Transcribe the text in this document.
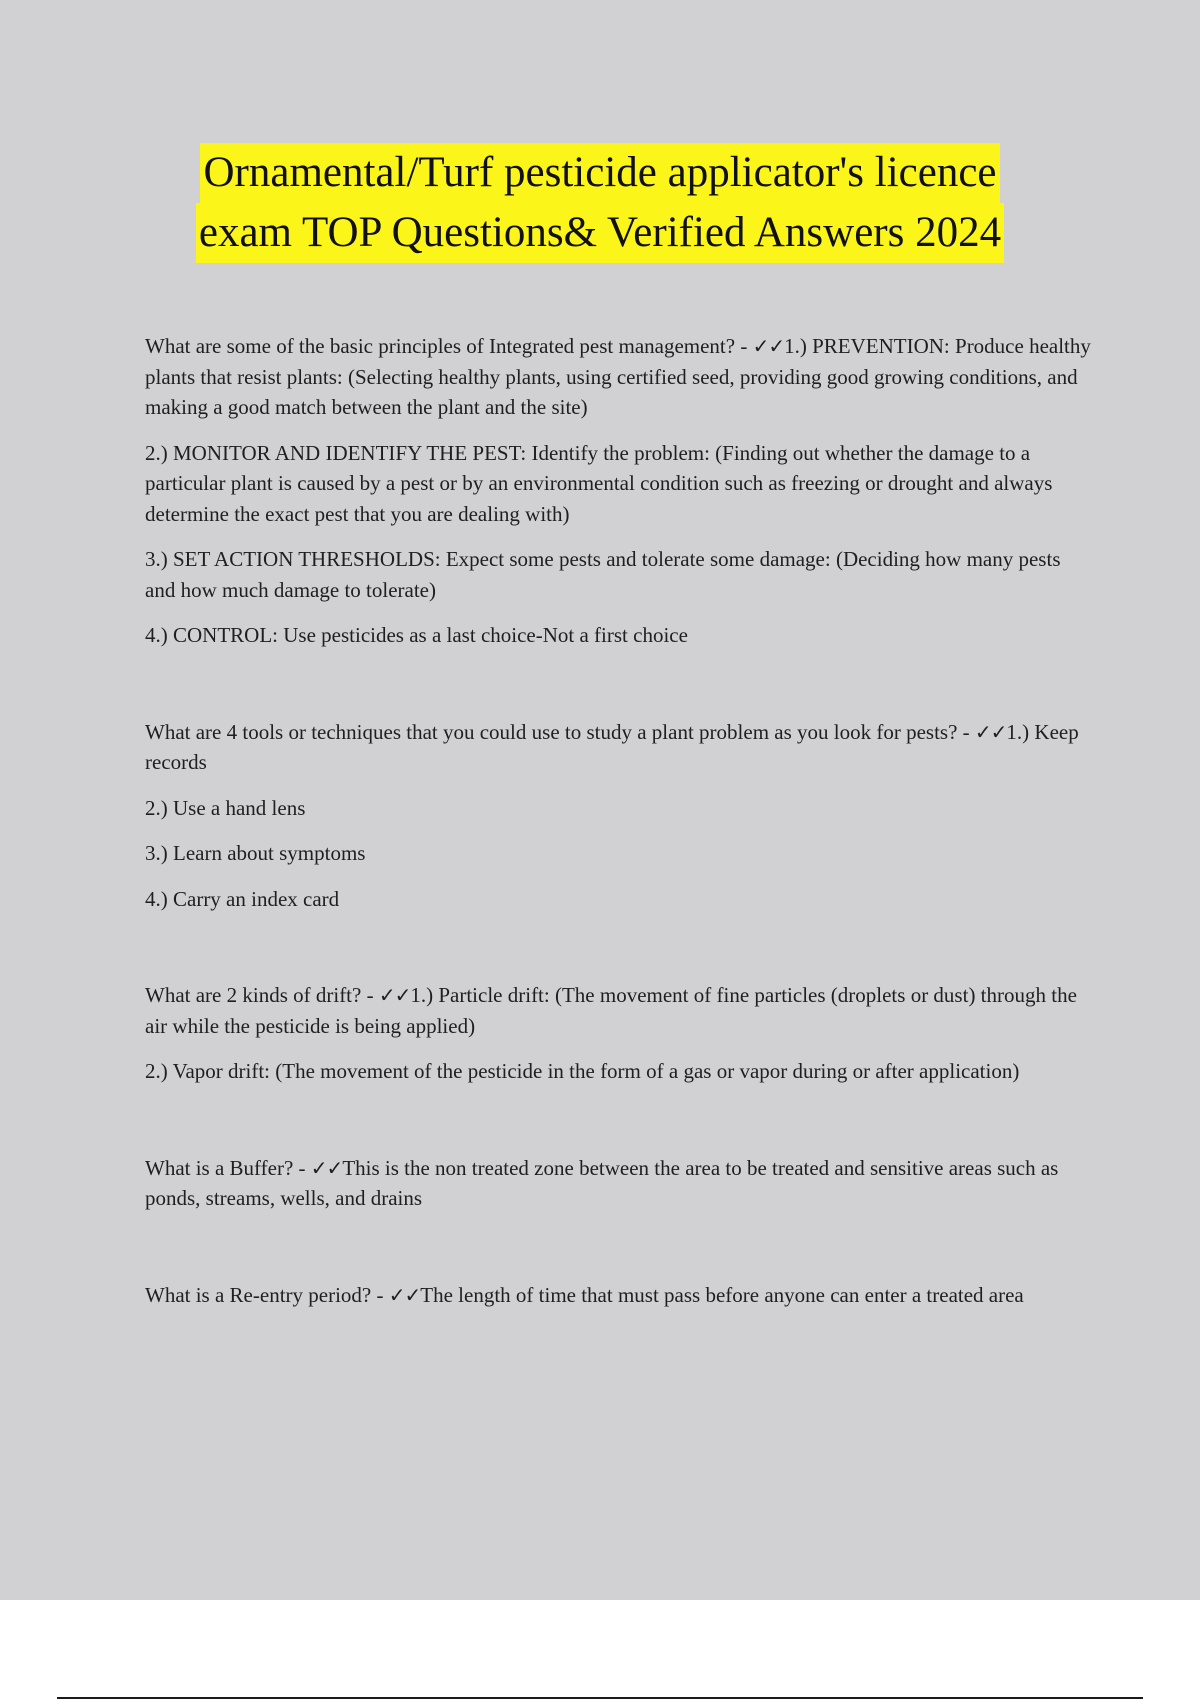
Ornamental/Turf pesticide applicator's licence
exam TOP Questions& Verified Answers 2024

What are some of the basic principles of Integrated pest management? - ✓✓1.) PREVENTION: Produce healthy plants that resist plants: (Selecting healthy plants, using certified seed, providing good growing conditions, and making a good match between the plant and the site)

2.) MONITOR AND IDENTIFY THE PEST: Identify the problem: (Finding out whether the damage to a particular plant is caused by a pest or by an environmental condition such as freezing or drought and always determine the exact pest that you are dealing with)

3.) SET ACTION THRESHOLDS: Expect some pests and tolerate some damage: (Deciding how many pests and how much damage to tolerate)

4.) CONTROL: Use pesticides as a last choice-Not a first choice

What are 4 tools or techniques that you could use to study a plant problem as you look for pests? - ✓✓1.) Keep records

2.) Use a hand lens

3.) Learn about symptoms

4.) Carry an index card

What are 2 kinds of drift? - ✓✓1.) Particle drift: (The movement of fine particles (droplets or dust) through the air while the pesticide is being applied)

2.) Vapor drift: (The movement of the pesticide in the form of a gas or vapor during or after application)

What is a Buffer? - ✓✓This is the non treated zone between the area to be treated and sensitive areas such as ponds, streams, wells, and drains

What is a Re-entry period? - ✓✓The length of time that must pass before anyone can enter a treated area
